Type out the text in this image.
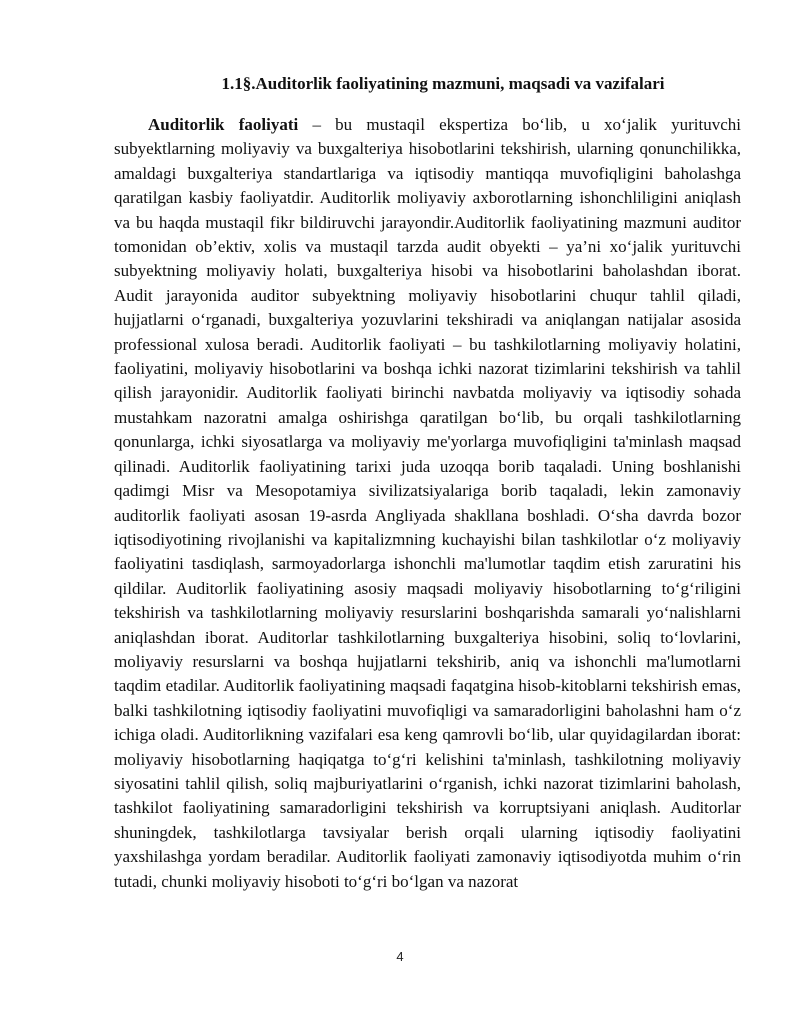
1.1§.Auditorlik faoliyatining mazmuni, maqsadi va vazifalari

Auditorlik faoliyati – bu mustaqil ekspertiza bo‘lib, u xo‘jalik yurituvchi subyektlarning moliyaviy va buxgalteriya hisobotlarini tekshirish, ularning qonunchilikka, amaldagi buxgalteriya standartlariga va iqtisodiy mantiqqa muvofiqligini baholashga qaratilgan kasbiy faoliyatdir. Auditorlik moliyaviy axborotlarning ishonchliligini aniqlash va bu haqda mustaqil fikr bildiruvchi jarayondir.Auditorlik faoliyatining mazmuni auditor tomonidan ob’ektiv, xolis va mustaqil tarzda audit obyekti – ya’ni xo‘jalik yurituvchi subyektning moliyaviy holati, buxgalteriya hisobi va hisobotlarini baholashdan iborat. Audit jarayonida auditor subyektning moliyaviy hisobotlarini chuqur tahlil qiladi, hujjatlarni o‘rganadi, buxgalteriya yozuvlarini tekshiradi va aniqlangan natijalar asosida professional xulosa beradi. Auditorlik faoliyati – bu tashkilotlarning moliyaviy holatini, faoliyatini, moliyaviy hisobotlarini va boshqa ichki nazorat tizimlarini tekshirish va tahlil qilish jarayonidir. Auditorlik faoliyati birinchi navbatda moliyaviy va iqtisodiy sohada mustahkam nazoratni amalga oshirishga qaratilgan bo‘lib, bu orqali tashkilotlarning qonunlarga, ichki siyosatlarga va moliyaviy me'yorlarga muvofiqligini ta'minlash maqsad qilinadi. Auditorlik faoliyatining tarixi juda uzoqqa borib taqaladi. Uning boshlanishi qadimgi Misr va Mesopotamiya sivilizatsiyalariga borib taqaladi, lekin zamonaviy auditorlik faoliyati asosan 19-asrda Angliyada shakllana boshladi. O‘sha davrda bozor iqtisodiyotining rivojlanishi va kapitalizmning kuchayishi bilan tashkilotlar o‘z moliyaviy faoliyatini tasdiqlash, sarmoyadorlarga ishonchli ma'lumotlar taqdim etish zaruratini his qildilar. Auditorlik faoliyatining asosiy maqsadi moliyaviy hisobotlarning to‘g‘riligini tekshirish va tashkilotlarning moliyaviy resurslarini boshqarishda samarali yo‘nalishlarni aniqlashdan iborat. Auditorlar tashkilotlarning buxgalteriya hisobini, soliq to‘lovlarini, moliyaviy resurslarni va boshqa hujjatlarni tekshirib, aniq va ishonchli ma'lumotlarni taqdim etadilar. Auditorlik faoliyatining maqsadi faqatgina hisob-kitoblarni tekshirish emas, balki tashkilotning iqtisodiy faoliyatini muvofiqligi va samaradorligini baholashni ham o‘z ichiga oladi. Auditorlikning vazifalari esa keng qamrovli bo‘lib, ular quyidagilardan iborat: moliyaviy hisobotlarning haqiqatga to‘g‘ri kelishini ta'minlash, tashkilotning moliyaviy siyosatini tahlil qilish, soliq majburiyatlarini o‘rganish, ichki nazorat tizimlarini baholash, tashkilot faoliyatining samaradorligini tekshirish va korruptsiyani aniqlash. Auditorlar shuningdek, tashkilotlarga tavsiyalar berish orqali ularning iqtisodiy faoliyatini yaxshilashga yordam beradilar. Auditorlik faoliyati zamonaviy iqtisodiyotda muhim o‘rin tutadi, chunki moliyaviy hisoboti to‘g‘ri bo‘lgan va nazorat

4
